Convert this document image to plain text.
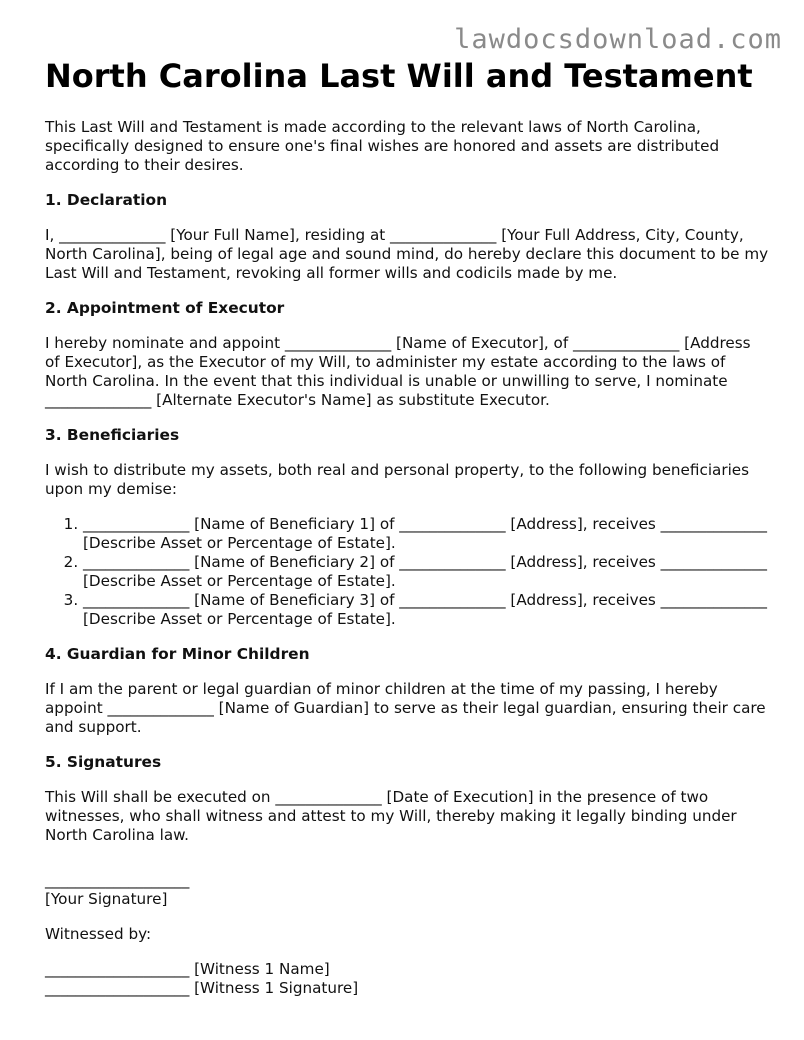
lawdocsdownload.com
North Carolina Last Will and Testament

This Last Will and Testament is made according to the relevant laws of North Carolina, specifically designed to ensure one's final wishes are honored and assets are distributed according to their desires.

1. Declaration

I, ______________ [Your Full Name], residing at ______________ [Your Full Address, City, County, North Carolina], being of legal age and sound mind, do hereby declare this document to be my Last Will and Testament, revoking all former wills and codicils made by me.

2. Appointment of Executor

I hereby nominate and appoint ______________ [Name of Executor], of ______________ [Address of Executor], as the Executor of my Will, to administer my estate according to the laws of North Carolina. In the event that this individual is unable or unwilling to serve, I nominate ______________ [Alternate Executor's Name] as substitute Executor.

3. Beneficiaries

I wish to distribute my assets, both real and personal property, to the following beneficiaries upon my demise:

1. ______________ [Name of Beneficiary 1] of ______________ [Address], receives ______________ [Describe Asset or Percentage of Estate].
2. ______________ [Name of Beneficiary 2] of ______________ [Address], receives ______________ [Describe Asset or Percentage of Estate].
3. ______________ [Name of Beneficiary 3] of ______________ [Address], receives ______________ [Describe Asset or Percentage of Estate].
4. Guardian for Minor Children

If I am the parent or legal guardian of minor children at the time of my passing, I hereby appoint ______________ [Name of Guardian] to serve as their legal guardian, ensuring their care and support.

5. Signatures

This Will shall be executed on ______________ [Date of Execution] in the presence of two witnesses, who shall witness and attest to my Will, thereby making it legally binding under North Carolina law.

___________________

[Your Signature]

Witnessed by:

___________________ [Witness 1 Name]

___________________ [Witness 1 Signature]
